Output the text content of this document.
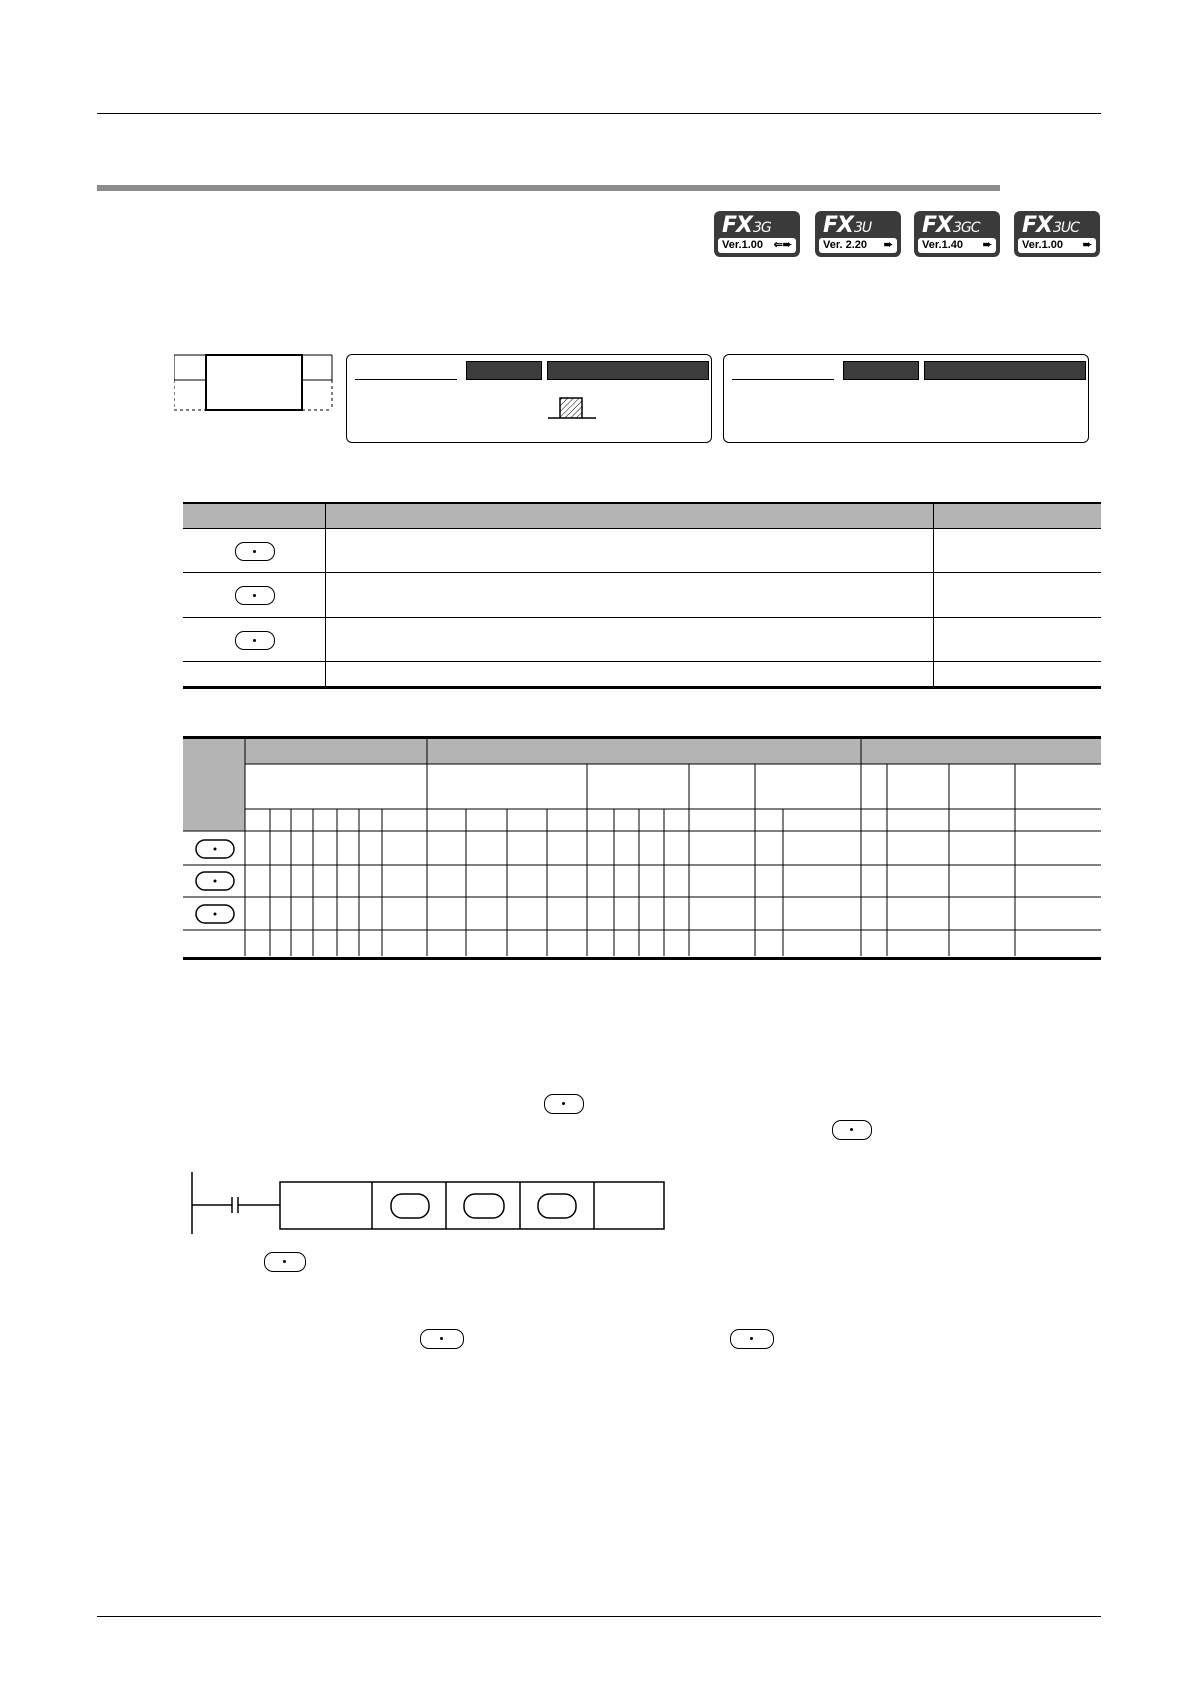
FX3G
Ver.1.00 ⇐➨
FX3U
Ver. 2.20 ➨
FX3GC
Ver.1.40 ➨
FX3UC
Ver.1.00 ➨
